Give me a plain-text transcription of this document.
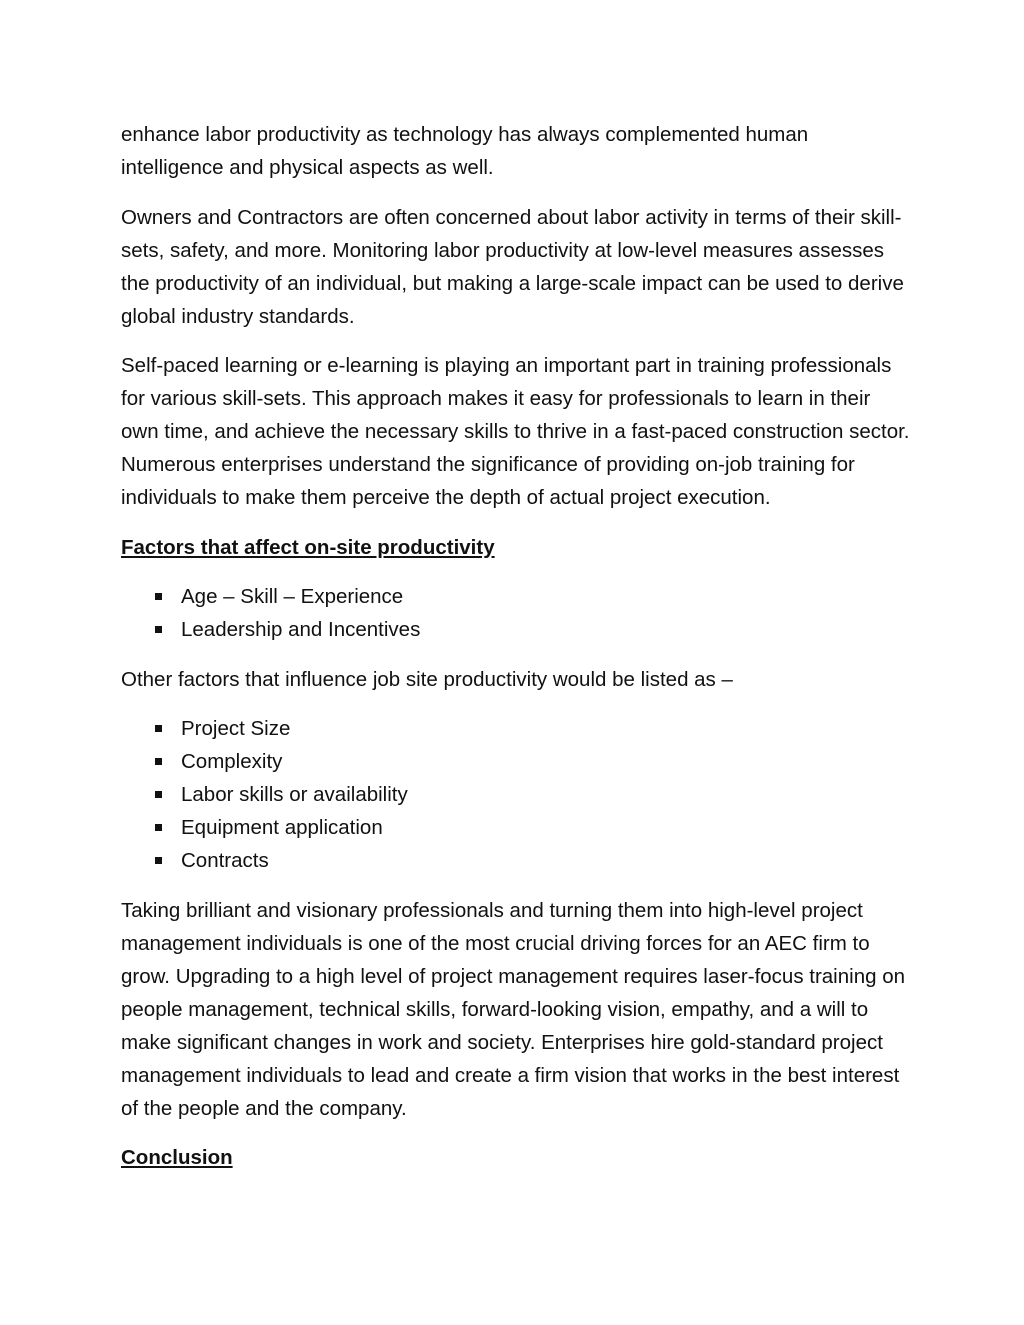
enhance labor productivity as technology has always complemented human intelligence and physical aspects as well.

Owners and Contractors are often concerned about labor activity in terms of their skill-sets, safety, and more. Monitoring labor productivity at low-level measures assesses the productivity of an individual, but making a large-scale impact can be used to derive global industry standards.

Self-paced learning or e-learning is playing an important part in training professionals for various skill-sets. This approach makes it easy for professionals to learn in their own time, and achieve the necessary skills to thrive in a fast-paced construction sector. Numerous enterprises understand the significance of providing on-job training for individuals to make them perceive the depth of actual project execution.

Factors that affect on-site productivity
Age – Skill – Experience
Leadership and Incentives

Other factors that influence job site productivity would be listed as –

Project Size
Complexity
Labor skills or availability
Equipment application
Contracts

Taking brilliant and visionary professionals and turning them into high-level project management individuals is one of the most crucial driving forces for an AEC firm to grow. Upgrading to a high level of project management requires laser-focus training on people management, technical skills, forward-looking vision, empathy, and a will to make significant changes in work and society. Enterprises hire gold-standard project management individuals to lead and create a firm vision that works in the best interest of the people and the company.

Conclusion
